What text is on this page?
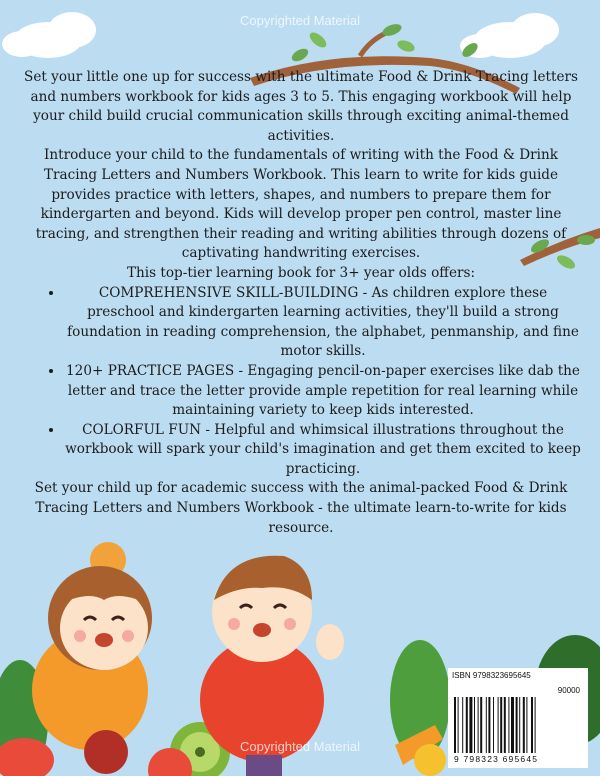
Copyrighted Material

Set your little one up for success with the ultimate Food & Drink Tracing letters and numbers workbook for kids ages 3 to 5. This engaging workbook will help your child build crucial communication skills through exciting animal-themed activities.

Introduce your child to the fundamentals of writing with the Food & Drink Tracing Letters and Numbers Workbook. This learn to write for kids guide provides practice with letters, shapes, and numbers to prepare them for kindergarten and beyond. Kids will develop proper pen control, master line tracing, and strengthen their reading and writing abilities through dozens of captivating handwriting exercises.

This top-tier learning book for 3+ year olds offers:

• COMPREHENSIVE SKILL-BUILDING - As children explore these preschool and kindergarten learning activities, they'll build a strong foundation in reading comprehension, the alphabet, penmanship, and fine motor skills.
• 120+ PRACTICE PAGES - Engaging pencil-on-paper exercises like dab the letter and trace the letter provide ample repetition for real learning while maintaining variety to keep kids interested.
• COLORFUL FUN - Helpful and whimsical illustrations throughout the workbook will spark your child's imagination and get them excited to keep practicing.

Set your child up for academic success with the animal-packed Food & Drink Tracing Letters and Numbers Workbook - the ultimate learn-to-write for kids resource.

ISBN 9798323695645
90000
9 798323 695645
Copyrighted Material
